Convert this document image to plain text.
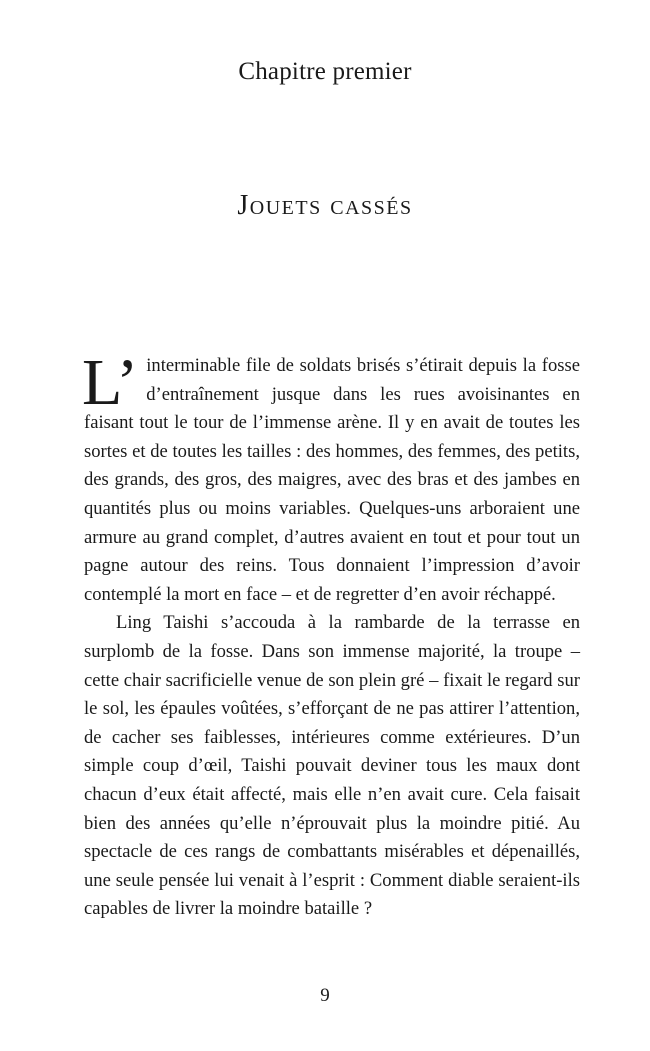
Chapitre premier
Jouets cassés

L’ interminable file de soldats brisés s’étirait depuis la fosse d’entraînement jusque dans les rues avoisinantes en faisant tout le tour de l’immense arène. Il y en avait de toutes les sortes et de toutes les tailles : des hommes, des femmes, des petits, des grands, des gros, des maigres, avec des bras et des jambes en quantités plus ou moins variables. Quelques-uns arboraient une armure au grand complet, d’autres avaient en tout et pour tout un pagne autour des reins. Tous donnaient l’impression d’avoir contemplé la mort en face – et de regretter d’en avoir réchappé.

Ling Taishi s’accouda à la rambarde de la terrasse en surplomb de la fosse. Dans son immense majorité, la troupe – cette chair sacrificielle venue de son plein gré – fixait le regard sur le sol, les épaules voûtées, s’efforçant de ne pas attirer l’attention, de cacher ses faiblesses, intérieures comme extérieures. D’un simple coup d’œil, Taishi pouvait deviner tous les maux dont chacun d’eux était affecté, mais elle n’en avait cure. Cela faisait bien des années qu’elle n’éprouvait plus la moindre pitié. Au spectacle de ces rangs de combattants misérables et dépenaillés, une seule pensée lui venait à l’esprit : Comment diable seraient-ils capables de livrer la moindre bataille ?

9
